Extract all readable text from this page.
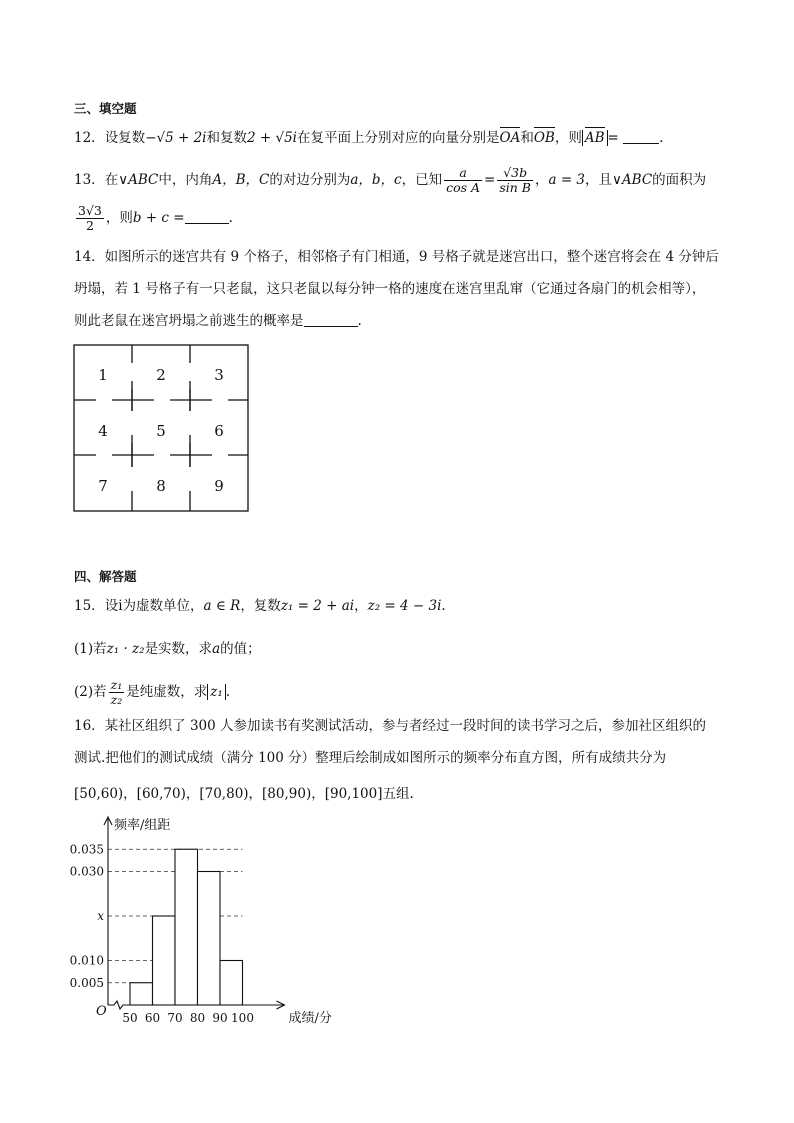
三、填空题
12．设复数−√5 + 2i和复数2 + √5i在复平面上分别对应的向量分别是OA和OB，则 AB =	.
13．在∨ABC中，内角A，B，C的对边分别为a，b，c，已知 $\frac{a}{\text{cos A}} = \frac{√3b}{\text{sin B}}$ ，a = 3，且∨ABC的面积为
$\frac{3√3}{2}$ ，则b + c =	.
14．如图所示的迷宫共有 9 个格子，相邻格子有门相通，9 号格子就是迷宫出口，整个迷宫将会在 4 分钟后
坍塌，若 1 号格子有一只老鼠，这只老鼠以每分钟一格的速度在迷宫里乱窜（它通过各扇门的机会相等），
则此老鼠在迷宫坍塌之前逃生的概率是	.
1	2	3
4	5	6
7	8	9
四、解答题
15．设i为虚数单位，a ∈ R，复数z₁ = 2 + ai，z₂ = 4 − 3i.
(1)若z₁ · z₂是实数，求a的值；
(2)若 $\frac{\text{z₁}}{\text{z₂}}$ 是纯虚数，求 z₁ .
16．某社区组织了 300 人参加读书有奖测试活动，参与者经过一段时间的读书学习之后，参加社区组织的
测试.把他们的测试成绩（满分 100 分）整理后绘制成如图所示的频率分布直方图，所有成绩共分为
[50,60)，[60,70)，[70,80)，[80,90)，[90,100]五组.
0.005
0.010
x
0.030
0.035
50 60 70 80 90 100
O
频率/组距
成绩/分
